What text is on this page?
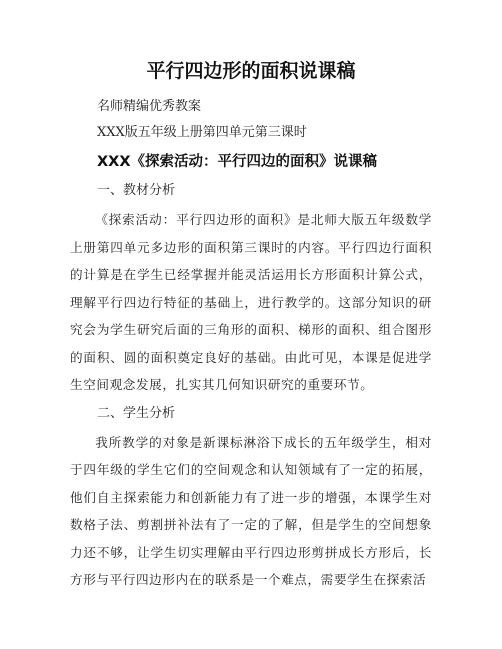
平行四边形的面积说课稿

名师精编优秀教案

XXX版五年级上册第四单元第三课时

XXX《探索活动：平行四边的面积》说课稿

一、教材分析

《探索活动：平行四边形的面积》是北师大版五年级数学上册第四单元多边形的面积第三课时的内容。平行四边行面积的计算是在学生已经掌握并能灵活运用长方形面积计算公式，理解平行四边行特征的基础上，进行教学的。这部分知识的研究会为学生研究后面的三角形的面积、梯形的面积、组合图形的面积、圆的面积奠定良好的基础。由此可见，本课是促进学生空间观念发展，扎实其几何知识研究的重要环节。

二、学生分析

我所教学的对象是新课标淋浴下成长的五年级学生，相对于四年级的学生它们的空间观念和认知领域有了一定的拓展，他们自主探索能力和创新能力有了进一步的增强，本课学生对数格子法、剪割拼补法有了一定的了解，但是学生的空间想象力还不够，让学生切实理解由平行四边形剪拼成长方形后，长方形与平行四边形内在的联系是一个难点，需要学生在探索活
